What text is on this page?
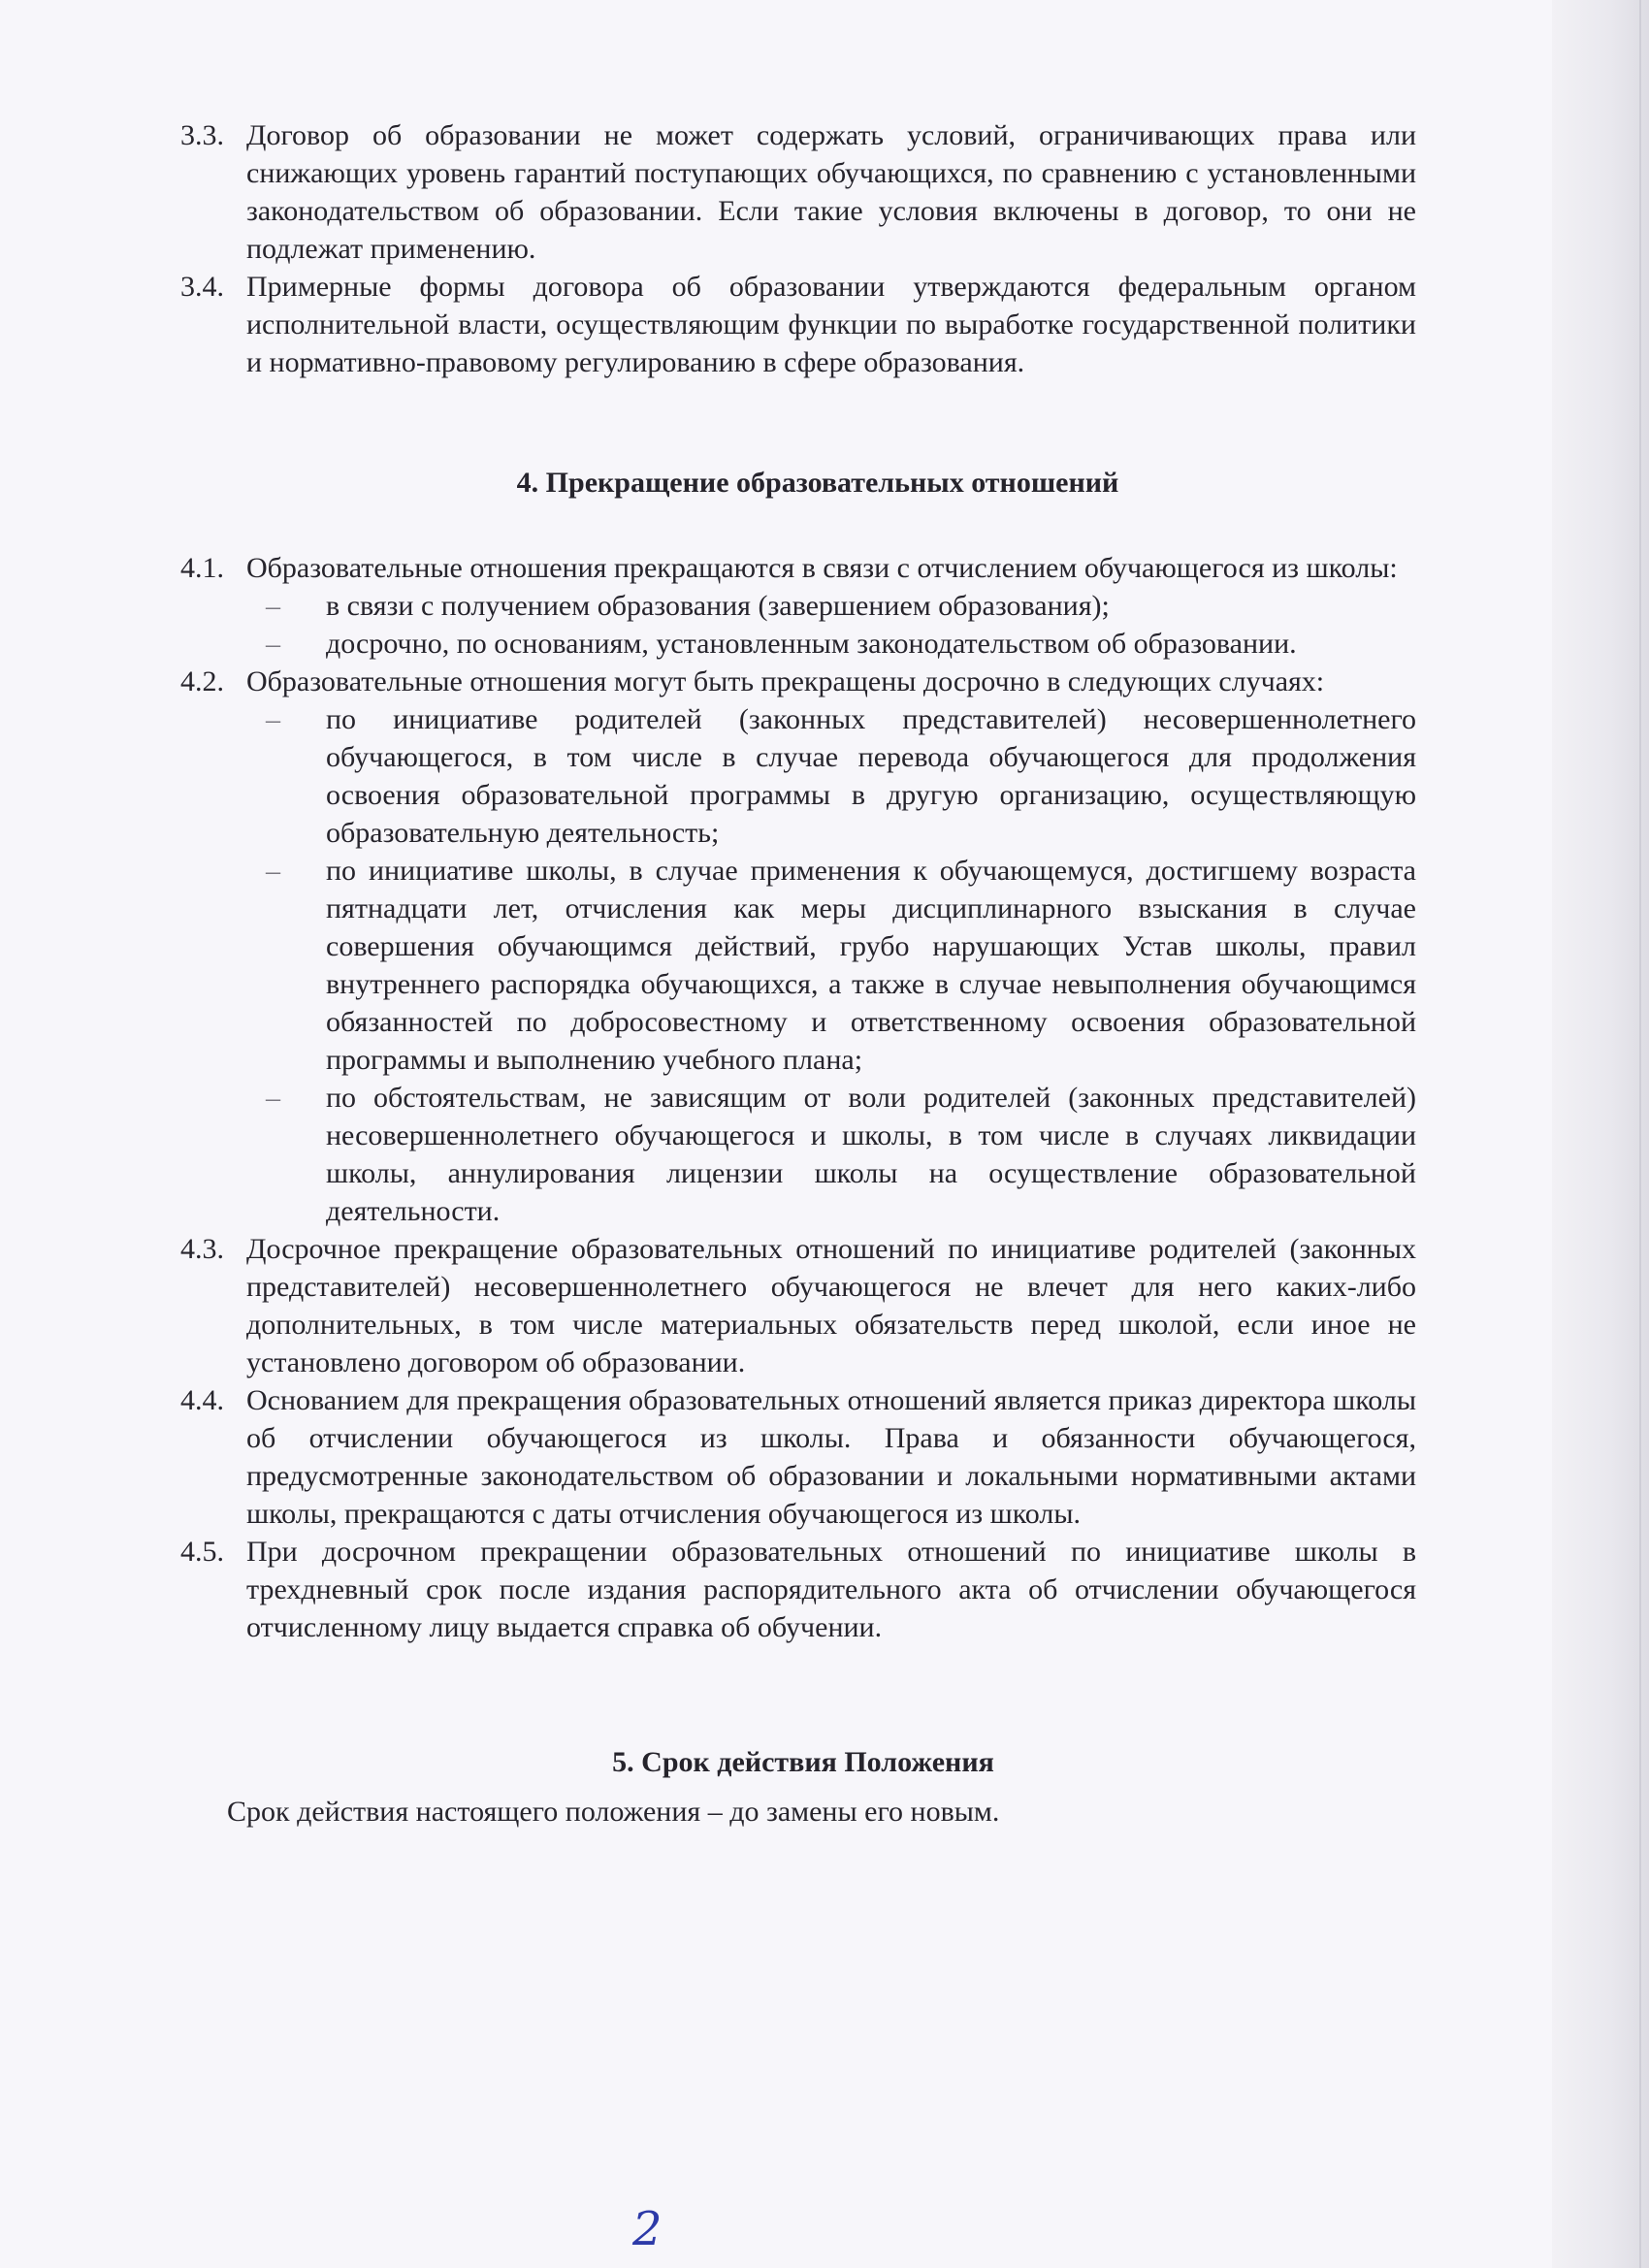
3.3. Договор об образовании не может содержать условий, ограничивающих права или снижающих уровень гарантий поступающих обучающихся, по сравнению с установленными законодательством об образовании. Если такие условия включены в договор, то они не подлежат применению.
3.4. Примерные формы договора об образовании утверждаются федеральным органом исполнительной власти, осуществляющим функции по выработке государственной политики и нормативно-правовому регулированию в сфере образования.
4. Прекращение образовательных отношений
4.1. Образовательные отношения прекращаются в связи с отчислением обучающегося из школы:
–	в связи с получением образования (завершением образования);
–	досрочно, по основаниям, установленным законодательством об образовании.
4.2. Образовательные отношения могут быть прекращены досрочно в следующих случаях:
–	по инициативе родителей (законных представителей) несовершеннолетнего обучающегося, в том числе в случае перевода обучающегося для продолжения освоения образовательной программы в другую организацию, осуществляющую образовательную деятельность;
–	по инициативе школы, в случае применения к обучающемуся, достигшему возраста пятнадцати лет, отчисления как меры дисциплинарного взыскания в случае совершения обучающимся действий, грубо нарушающих Устав школы, правил внутреннего распорядка обучающихся, а также в случае невыполнения обучающимся обязанностей по добросовестному и ответственному освоения образовательной программы и выполнению учебного плана;
–	по обстоятельствам, не зависящим от воли родителей (законных представителей) несовершеннолетнего обучающегося и школы, в том числе в случаях ликвидации школы, аннулирования лицензии школы на осуществление образовательной деятельности.
4.3. Досрочное прекращение образовательных отношений по инициативе родителей (законных представителей) несовершеннолетнего обучающегося не влечет для него каких-либо дополнительных, в том числе материальных обязательств перед школой, если иное не установлено договором об образовании.
4.4. Основанием для прекращения образовательных отношений является приказ директора школы об отчислении обучающегося из школы. Права и обязанности обучающегося, предусмотренные законодательством об образовании и локальными нормативными актами школы, прекращаются с даты отчисления обучающегося из школы.
4.5. При досрочном прекращении образовательных отношений по инициативе школы в трехдневный срок после издания распорядительного акта об отчислении обучающегося отчисленному лицу выдается справка об обучении.
5. Срок действия Положения
Срок действия настоящего положения – до замены его новым.
2
